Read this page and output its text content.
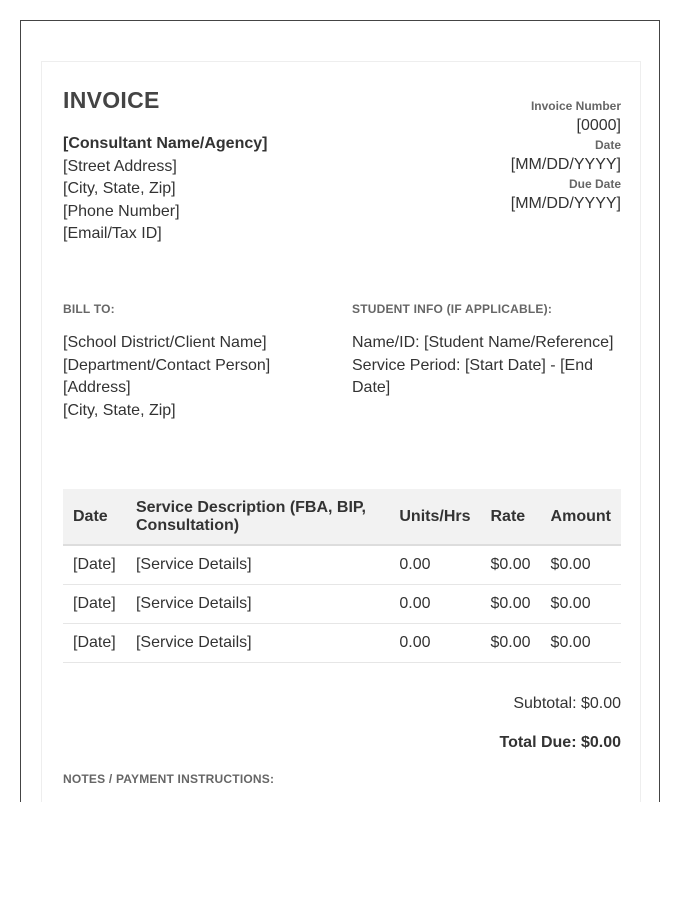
INVOICE
[Consultant Name/Agency]
[Street Address]
[City, State, Zip]
[Phone Number]
[Email/Tax ID]
Invoice Number
[0000]
Date
[MM/DD/YYYY]
Due Date
[MM/DD/YYYY]
BILL TO:	STUDENT INFO (IF APPLICABLE):
[School District/Client Name]
[Department/Contact Person]
[Address]
[City, State, Zip]
Name/ID: [Student Name/Reference]
Service Period: [Start Date] - [End Date]
Date	Service Description (FBA, BIP, Consultation)	Units/Hrs	Rate	Amount
[Date]	[Service Details]	0.00	$0.00	$0.00
[Date]	[Service Details]	0.00	$0.00	$0.00
[Date]	[Service Details]	0.00	$0.00	$0.00
Subtotal: $0.00
Total Due: $0.00
NOTES / PAYMENT INSTRUCTIONS:
